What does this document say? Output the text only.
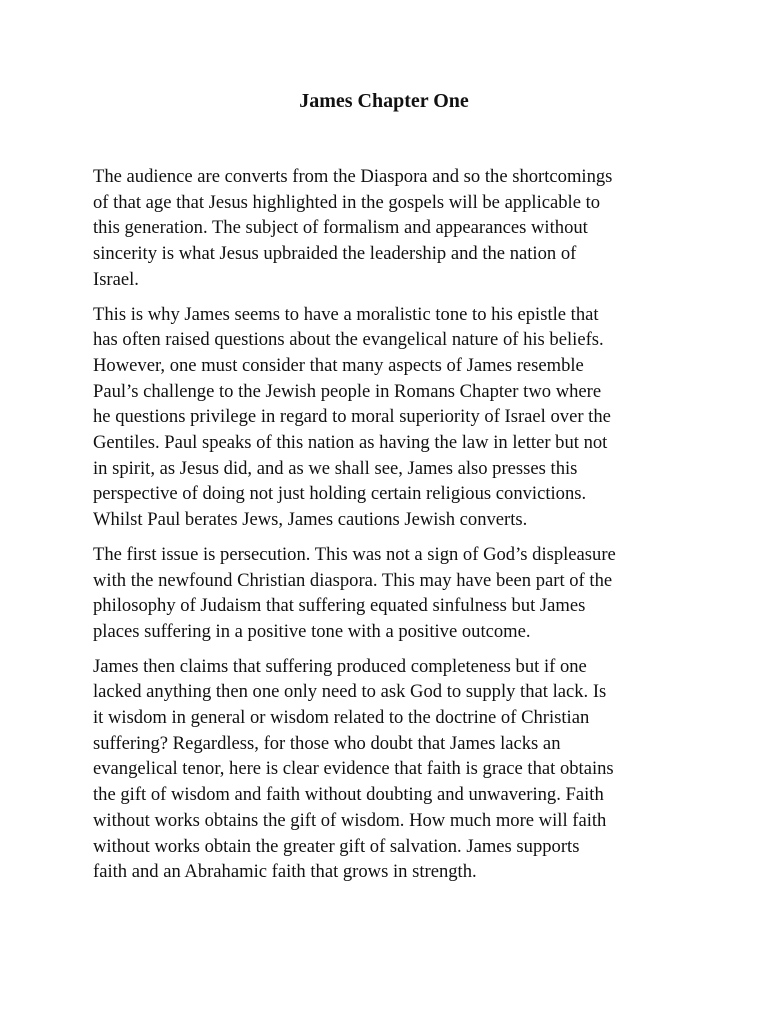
James Chapter One

The audience are converts from the Diaspora and so the shortcomings
of that age that Jesus highlighted in the gospels will be applicable to
this generation. The subject of formalism and appearances without
sincerity is what Jesus upbraided the leadership and the nation of
Israel.

This is why James seems to have a moralistic tone to his epistle that
has often raised questions about the evangelical nature of his beliefs.
However, one must consider that many aspects of James resemble
Paul’s challenge to the Jewish people in Romans Chapter two where
he questions privilege in regard to moral superiority of Israel over the
Gentiles. Paul speaks of this nation as having the law in letter but not
in spirit, as Jesus did, and as we shall see, James also presses this
perspective of doing not just holding certain religious convictions.
Whilst Paul berates Jews, James cautions Jewish converts.

The first issue is persecution. This was not a sign of God’s displeasure
with the newfound Christian diaspora. This may have been part of the
philosophy of Judaism that suffering equated sinfulness but James
places suffering in a positive tone with a positive outcome.

James then claims that suffering produced completeness but if one
lacked anything then one only need to ask God to supply that lack. Is
it wisdom in general or wisdom related to the doctrine of Christian
suffering? Regardless, for those who doubt that James lacks an
evangelical tenor, here is clear evidence that faith is grace that obtains
the gift of wisdom and faith without doubting and unwavering. Faith
without works obtains the gift of wisdom. How much more will faith
without works obtain the greater gift of salvation. James supports
faith and an Abrahamic faith that grows in strength.
